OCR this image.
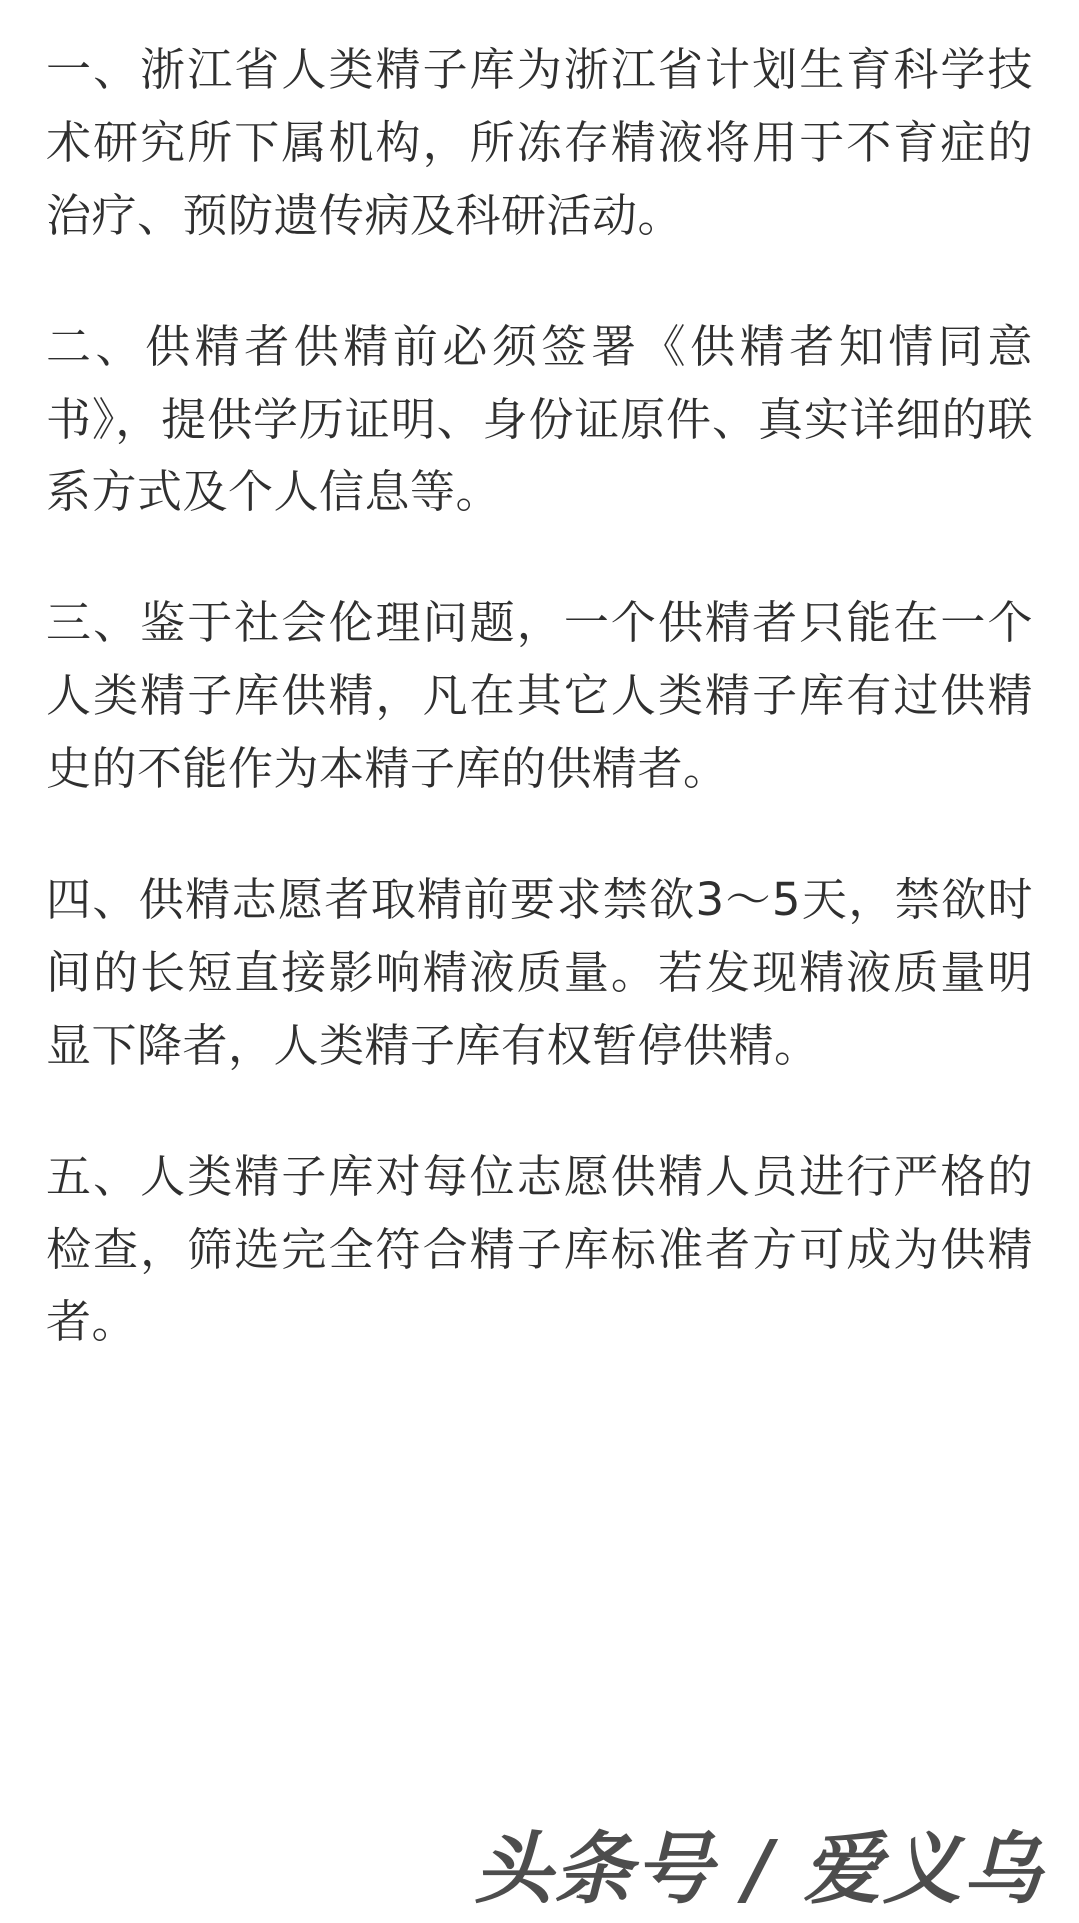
一、浙江省人类精子库为浙江省计划生育科学技术研究所下属机构，所冻存精液将用于不育症的治疗、预防遗传病及科研活动。

二、供精者供精前必须签署《供精者知情同意书》，提供学历证明、身份证原件、真实详细的联系方式及个人信息等。

三、鉴于社会伦理问题，一个供精者只能在一个人类精子库供精，凡在其它人类精子库有过供精史的不能作为本精子库的供精者。

四、供精志愿者取精前要求禁欲3～5天，禁欲时间的长短直接影响精液质量。若发现精液质量明显下降者，人类精子库有权暂停供精。

五、人类精子库对每位志愿供精人员进行严格的检查，筛选完全符合精子库标准者方可成为供精者。

头条号 / 爱义乌
